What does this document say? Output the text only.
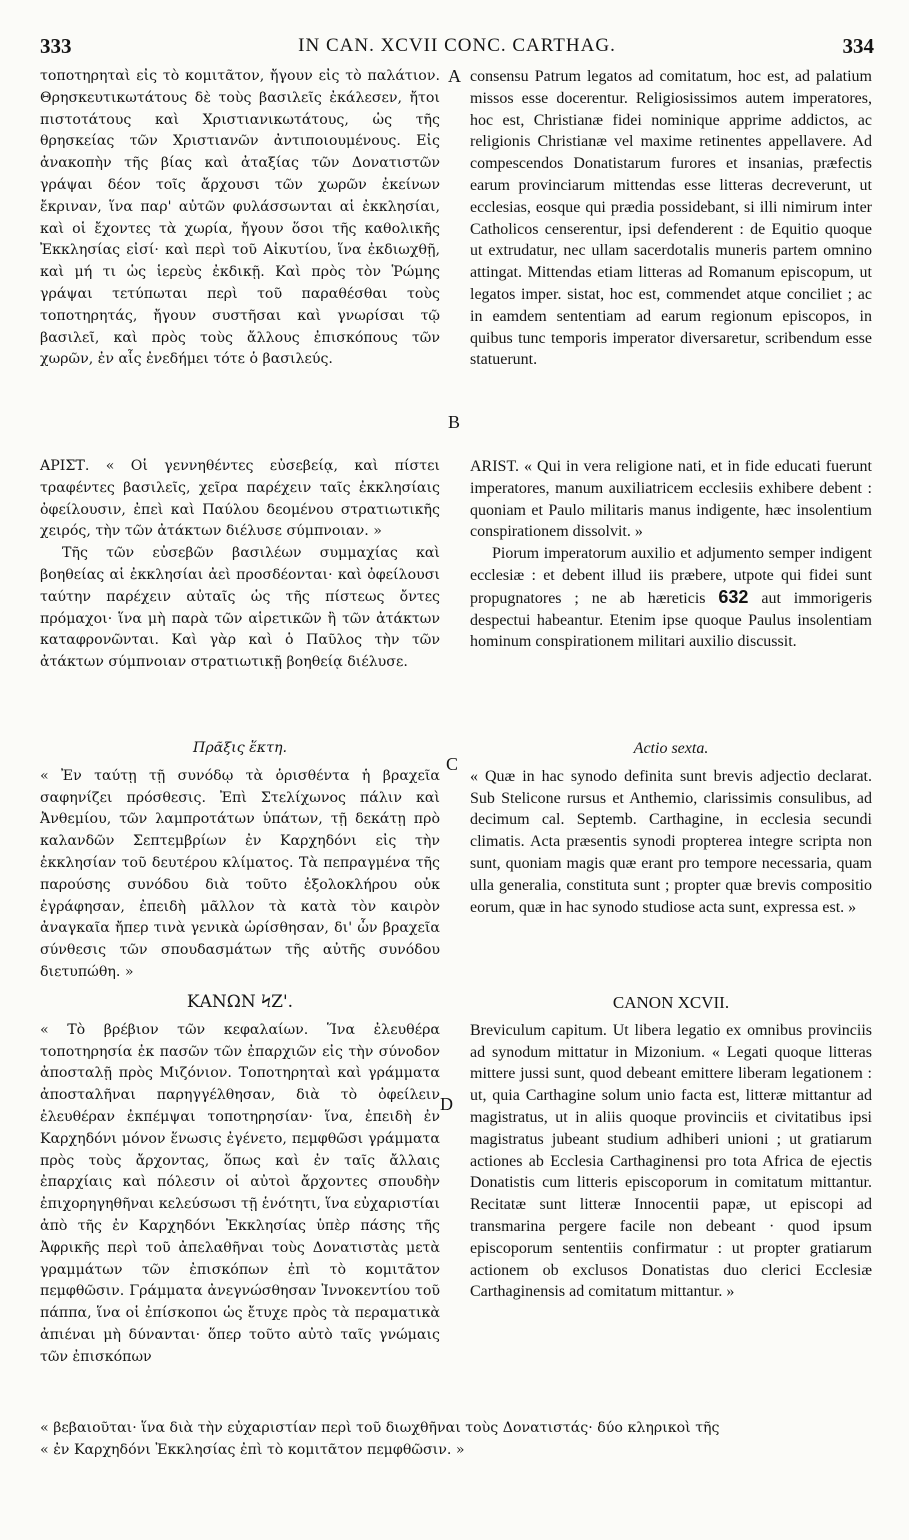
333	IN CAN. XCVII CONC. CARTHAG.	334
A
B
C
D

τοποτηρηταὶ εἰς τὸ κομιτᾶτον, ἤγουν εἰς τὸ παλάτιον. Θρησκευτικωτάτους δὲ τοὺς βασιλεῖς ἐκάλεσεν, ἤτοι πιστοτάτους καὶ Χριστιανικωτάτους, ὡς τῆς θρησκείας τῶν Χριστιανῶν ἀντιποιουμένους. Εἰς ἀνακοπὴν τῆς βίας καὶ ἀταξίας τῶν Δονατιστῶν γράψαι δέον τοῖς ἄρχουσι τῶν χωρῶν ἐκείνων ἔκριναν, ἵνα παρ' αὐτῶν φυλάσσωνται αἱ ἐκκλησίαι, καὶ οἱ ἔχοντες τὰ χωρία, ἤγουν ὅσοι τῆς καθολικῆς Ἐκκλησίας εἰσί· καὶ περὶ τοῦ Αἰκυτίου, ἵνα ἐκδιωχθῇ, καὶ μή τι ὡς ἱερεὺς ἐκδικῇ. Καὶ πρὸς τὸν Ῥώμης γράψαι τετύπωται περὶ τοῦ παραθέσθαι τοὺς τοποτηρητάς, ἤγουν συστῆσαι καὶ γνωρίσαι τῷ βασιλεῖ, καὶ πρὸς τοὺς ἄλλους ἐπισκόπους τῶν χωρῶν, ἐν αἷς ἐνεδήμει τότε ὁ βασιλεύς.

ΑΡΙΣΤ. « Οἱ γεννηθέντες εὐσεβείᾳ, καὶ πίστει τραφέντες βασιλεῖς, χεῖρα παρέχειν ταῖς ἐκκλησίαις ὀφείλουσιν, ἐπεὶ καὶ Παύλου δεομένου στρατιωτικῆς χειρός, τὴν τῶν ἀτάκτων διέλυσε σύμπνοιαν. »

Τῆς τῶν εὐσεβῶν βασιλέων συμμαχίας καὶ βοηθείας αἱ ἐκκλησίαι ἀεὶ προσδέονται· καὶ ὀφείλουσι ταύτην παρέχειν αὐταῖς ὡς τῆς πίστεως ὄντες πρόμαχοι· ἵνα μὴ παρὰ τῶν αἱρετικῶν ἢ τῶν ἀτάκτων καταφρονῶνται. Καὶ γὰρ καὶ ὁ Παῦλος τὴν τῶν ἀτάκτων σύμπνοιαν στρατιωτικῇ βοηθείᾳ διέλυσε.

Πρᾶξις ἕκτη.

« Ἐν ταύτῃ τῇ συνόδῳ τὰ ὁρισθέντα ἡ βραχεῖα σαφηνίζει πρόσθεσις. Ἐπὶ Στελίχωνος πάλιν καὶ Ἀνθεμίου, τῶν λαμπροτάτων ὑπάτων, τῇ δεκάτῃ πρὸ καλανδῶν Σεπτεμβρίων ἐν Καρχηδόνι εἰς τὴν ἐκκλησίαν τοῦ δευτέρου κλίματος. Τὰ πεπραγμένα τῆς παρούσης συνόδου διὰ τοῦτο ἐξολοκλήρου οὐκ ἐγράφησαν, ἐπειδὴ μᾶλλον τὰ κατὰ τὸν καιρὸν ἀναγκαῖα ἤπερ τινὰ γενικὰ ὡρίσθησαν, δι' ὧν βραχεῖα σύνθεσις τῶν σπουδασμάτων τῆς αὐτῆς συνόδου διετυπώθη. »

ΚΑΝΩΝ ϞΖ'.

« Τὸ βρέβιον τῶν κεφαλαίων. Ἵνα ἐλευθέρα τοποτηρησία ἐκ πασῶν τῶν ἐπαρχιῶν εἰς τὴν σύνοδον ἀποσταλῇ πρὸς Μιζόνιον. Τοποτηρηταὶ καὶ γράμματα ἀποσταλῆναι παρηγγέλθησαν, διὰ τὸ ὀφείλειν ἐλευθέραν ἐκπέμψαι τοποτηρησίαν· ἵνα, ἐπειδὴ ἐν Καρχηδόνι μόνον ἕνωσις ἐγένετο, πεμφθῶσι γράμματα πρὸς τοὺς ἄρχοντας, ὅπως καὶ ἐν ταῖς ἄλλαις ἐπαρχίαις καὶ πόλεσιν οἱ αὐτοὶ ἄρχοντες σπουδὴν ἐπιχορηγηθῆναι κελεύσωσι τῇ ἑνότητι, ἵνα εὐχαριστίαι ἀπὸ τῆς ἐν Καρχηδόνι Ἐκκλησίας ὑπὲρ πάσης τῆς Ἀφρικῆς περὶ τοῦ ἀπελαθῆναι τοὺς Δονατιστὰς μετὰ γραμμάτων τῶν ἐπισκόπων ἐπὶ τὸ κομιτᾶτον πεμφθῶσιν. Γράμματα ἀνεγνώσθησαν Ἰννοκεντίου τοῦ πάππα, ἵνα οἱ ἐπίσκοποι ὡς ἔτυχε πρὸς τὰ περαματικὰ ἀπιέναι μὴ δύνανται· ὅπερ τοῦτο αὐτὸ ταῖς γνώμαις τῶν ἐπισκόπων

consensu Patrum legatos ad comitatum, hoc est, ad palatium missos esse docerentur. Religiosissimos autem imperatores, hoc est, Christianæ fidei nominique apprime addictos, ac religionis Christianæ vel maxime retinentes appellavere. Ad compescendos Donatistarum furores et insanias, præfectis earum provinciarum mittendas esse litteras decreverunt, ut ecclesias, eosque qui prædia possidebant, si illi nimirum inter Catholicos censerentur, ipsi defenderent : de Equitio quoque ut extrudatur, nec ullam sacerdotalis muneris partem omnino attingat. Mittendas etiam litteras ad Romanum episcopum, ut legatos imper. sistat, hoc est, commendet atque conciliet ; ac in eamdem sententiam ad earum regionum episcopos, in quibus tunc temporis imperator diversaretur, scribendum esse statuerunt.

ARIST. « Qui in vera religione nati, et in fide educati fuerunt imperatores, manum auxiliatricem ecclesiis exhibere debent : quoniam et Paulo militaris manus indigente, hæc insolentium conspirationem dissolvit. »

Piorum imperatorum auxilio et adjumento semper indigent ecclesiæ : et debent illud iis præbere, utpote qui fidei sunt propugnatores ; ne ab hæreticis 632 aut immorigeris despectui habeantur. Etenim ipse quoque Paulus insolentiam hominum conspirationem militari auxilio discussit.

Actio sexta.

« Quæ in hac synodo definita sunt brevis adjectio declarat. Sub Stelicone rursus et Anthemio, clarissimis consulibus, ad decimum cal. Septemb. Carthagine, in ecclesia secundi climatis. Acta præsentis synodi propterea integre scripta non sunt, quoniam magis quæ erant pro tempore necessaria, quam ulla generalia, constituta sunt ; propter quæ brevis compositio eorum, quæ in hac synodo studiose acta sunt, expressa est. »

CANON XCVII.

Breviculum capitum. Ut libera legatio ex omnibus provinciis ad synodum mittatur in Mizonium. « Legati quoque litteras mittere jussi sunt, quod debeant emittere liberam legationem : ut, quia Carthagine solum unio facta est, litteræ mittantur ad magistratus, ut in aliis quoque provinciis et civitatibus ipsi magistratus jubeant studium adhiberi unioni ; ut gratiarum actiones ab Ecclesia Carthaginensi pro tota Africa de ejectis Donatistis cum litteris episcoporum in comitatum mittantur. Recitatæ sunt litteræ Innocentii papæ, ut episcopi ad transmarina pergere facile non debeant · quod ipsum episcoporum sententiis confirmatur : ut propter gratiarum actionem ob exclusos Donatistas duo clerici Ecclesiæ Carthaginensis ad comitatum mittantur. »

« βεβαιοῦται· ἵνα διὰ τὴν εὐχαριστίαν περὶ τοῦ διωχθῆναι τοὺς Δονατιστάς· δύο κληρικοὶ τῆς

« ἐν Καρχηδόνι Ἐκκλησίας ἐπὶ τὸ κομιτᾶτον πεμφθῶσιν. »
